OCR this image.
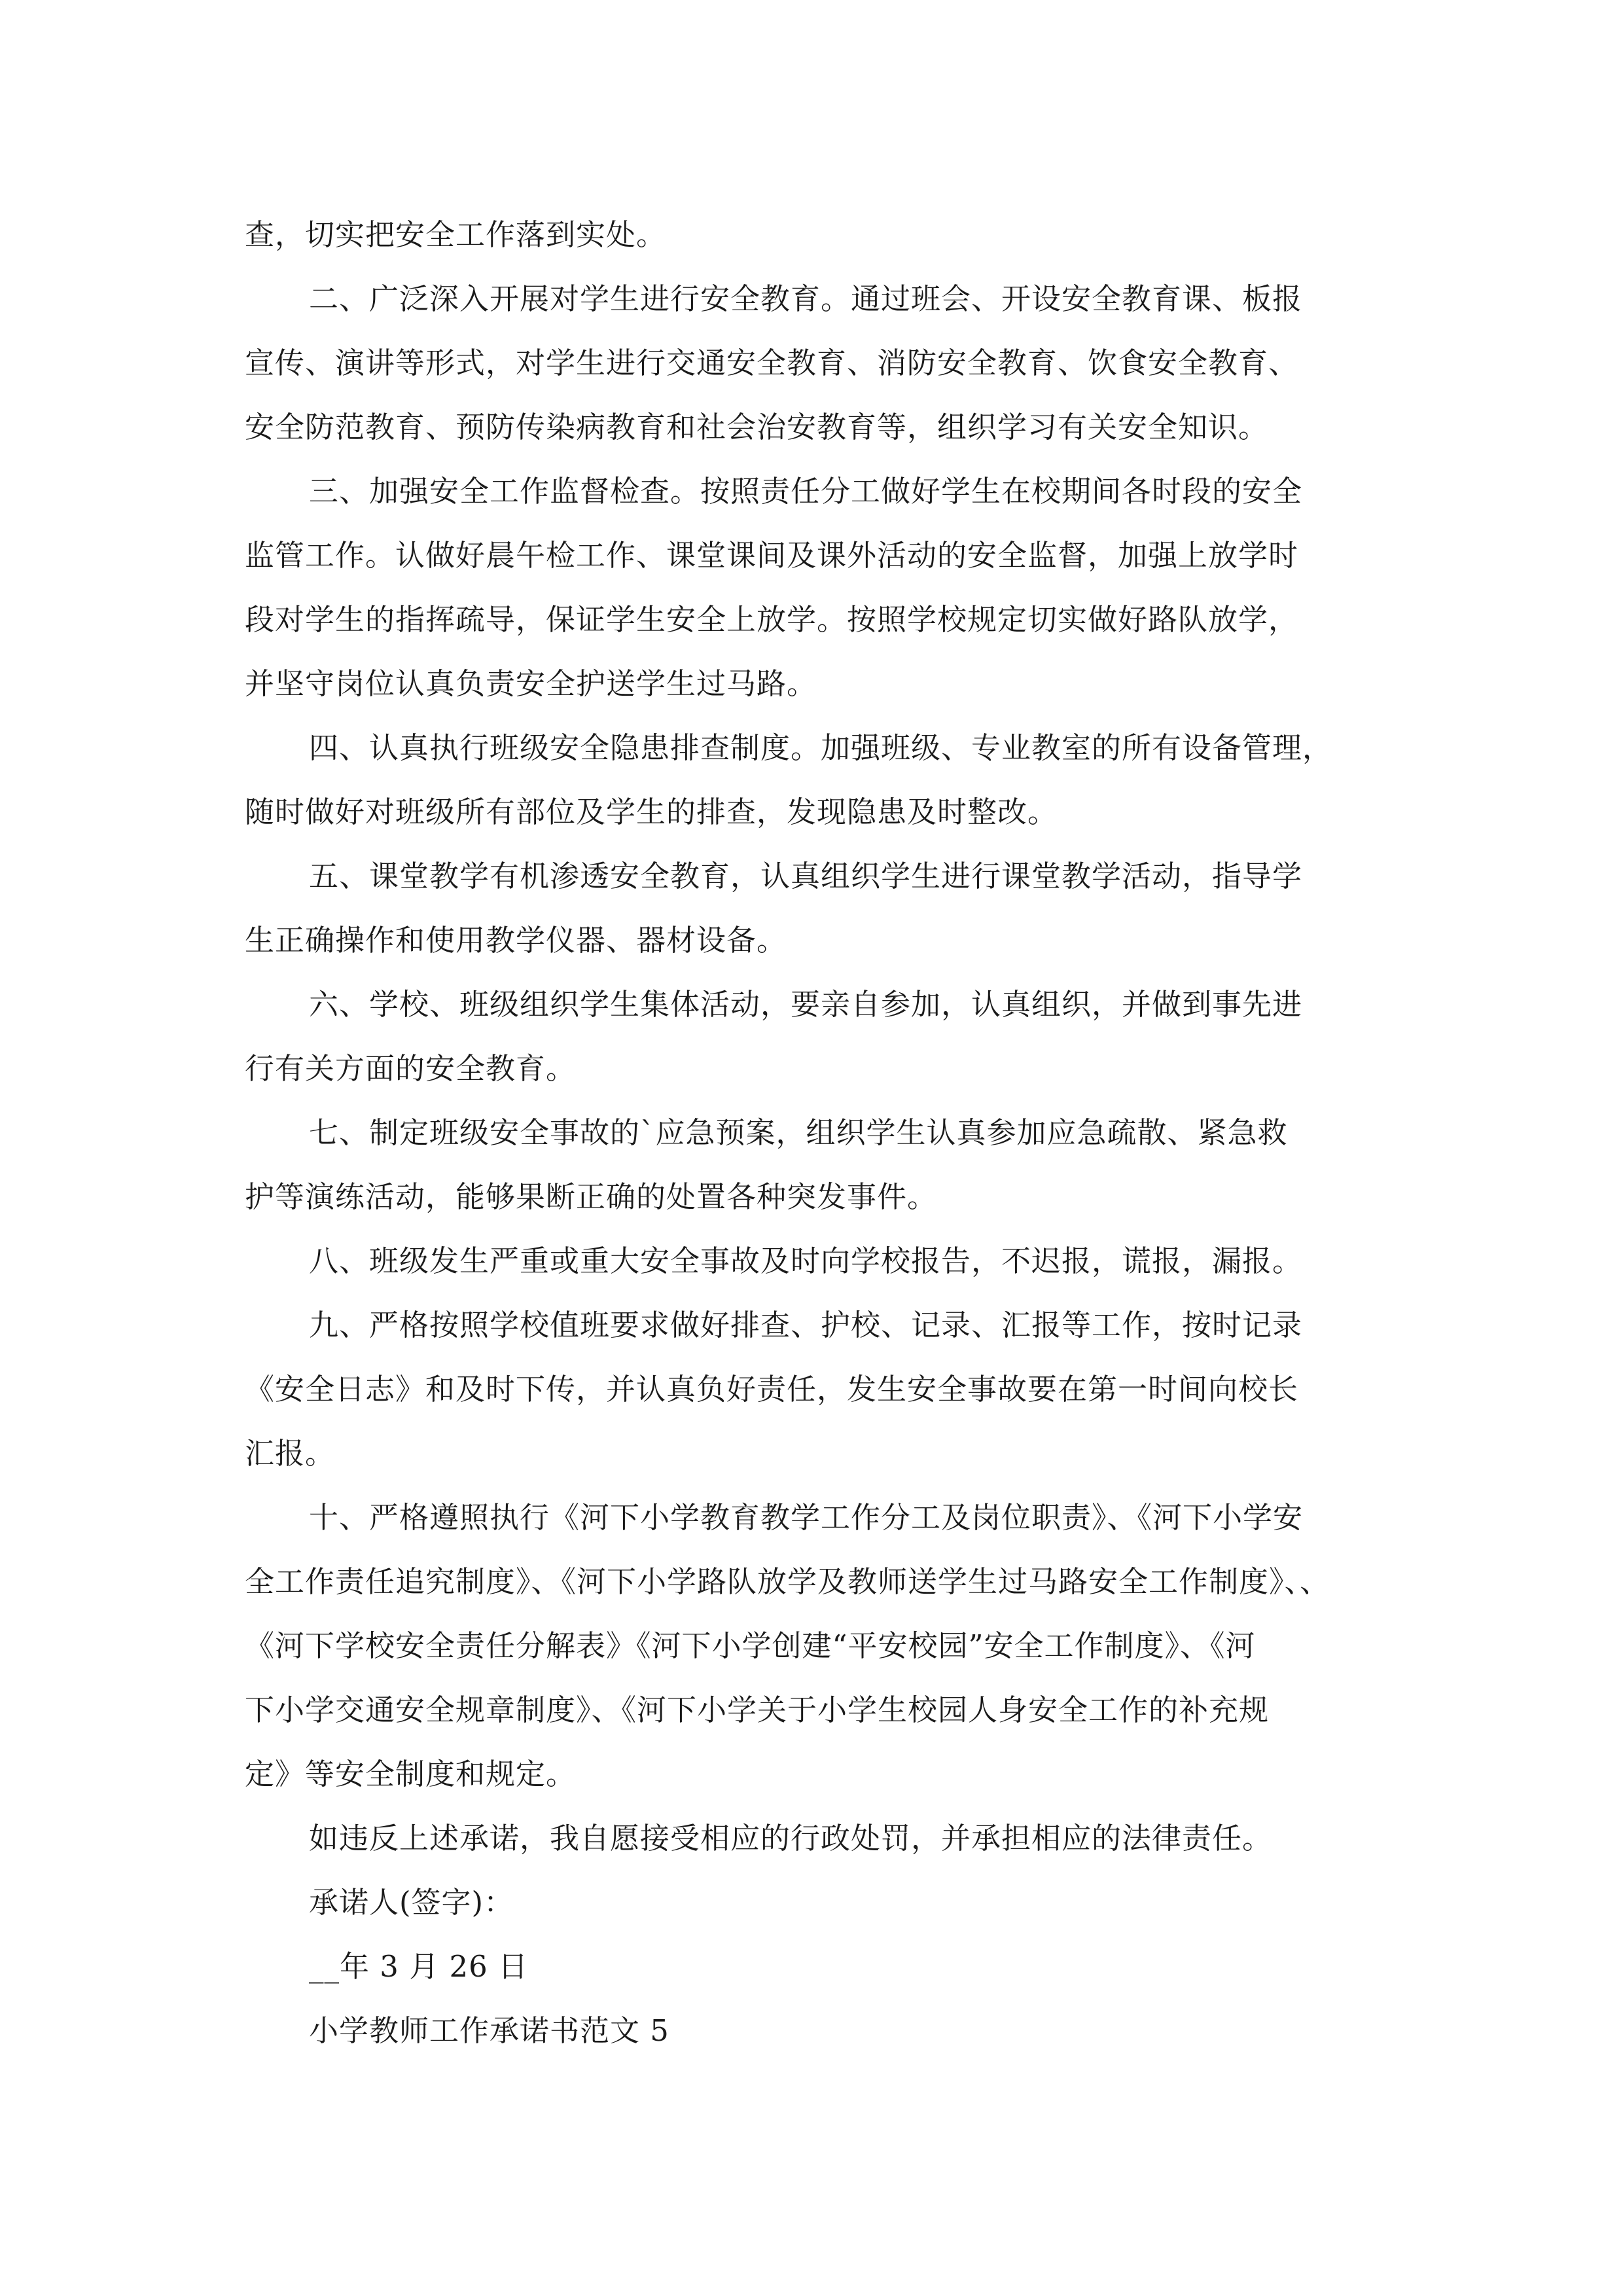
查，切实把安全工作落到实处。
二、广泛深入开展对学生进行安全教育。通过班会、开设安全教育课、板报
宣传、演讲等形式，对学生进行交通安全教育、消防安全教育、饮食安全教育、
安全防范教育、预防传染病教育和社会治安教育等，组织学习有关安全知识。
三、加强安全工作监督检查。按照责任分工做好学生在校期间各时段的安全
监管工作。认做好晨午检工作、课堂课间及课外活动的安全监督，加强上放学时
段对学生的指挥疏导，保证学生安全上放学。按照学校规定切实做好路队放学，
并坚守岗位认真负责安全护送学生过马路。
四、认真执行班级安全隐患排查制度。加强班级、专业教室的所有设备管理，
随时做好对班级所有部位及学生的排查，发现隐患及时整改。
五、课堂教学有机渗透安全教育，认真组织学生进行课堂教学活动，指导学
生正确操作和使用教学仪器、器材设备。
六、学校、班级组织学生集体活动，要亲自参加，认真组织，并做到事先进
行有关方面的安全教育。
七、制定班级安全事故的`应急预案，组织学生认真参加应急疏散、紧急救
护等演练活动，能够果断正确的处置各种突发事件。
八、班级发生严重或重大安全事故及时向学校报告，不迟报，谎报，漏报。
九、严格按照学校值班要求做好排查、护校、记录、汇报等工作，按时记录
《安全日志》和及时下传，并认真负好责任，发生安全事故要在第一时间向校长
汇报。
十、严格遵照执行《河下小学教育教学工作分工及岗位职责》、《河下小学安
全工作责任追究制度》、《河下小学路队放学及教师送学生过马路安全工作制度》、、
《河下学校安全责任分解表》《河下小学创建“平安校园”安全工作制度》、《河
下小学交通安全规章制度》、《河下小学关于小学生校园人身安全工作的补充规
定》等安全制度和规定。
如违反上述承诺，我自愿接受相应的行政处罚，并承担相应的法律责任。
承诺人(签字)：
__年 3 月 26 日
小学教师工作承诺书范文 5
